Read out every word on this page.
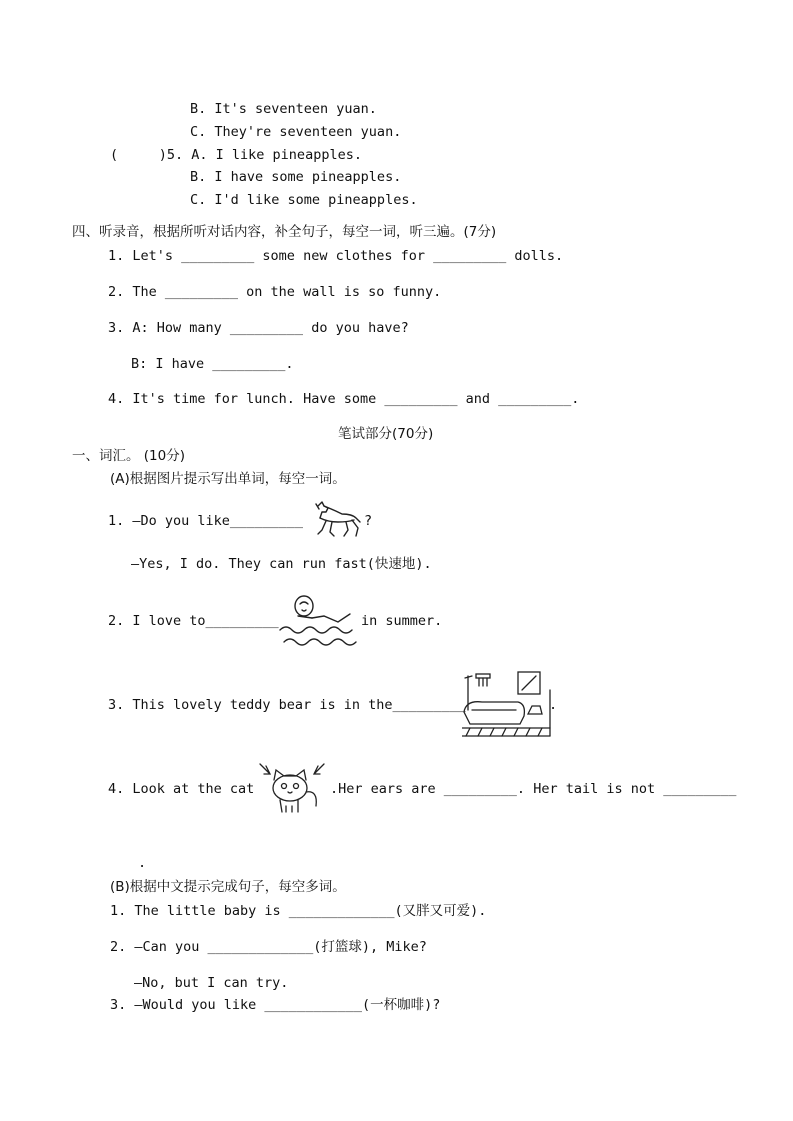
B. It's seventeen yuan.
C. They're seventeen yuan.
(     )5. A. I like pineapples.
B. I have some pineapples.
C. I'd like some pineapples.
四、听录音，根据所听对话内容，补全句子，每空一词，听三遍。(7分)
1. Let's _________ some new clothes for _________ dolls.
2. The _________ on the wall is so funny.
3. A: How many _________ do you have?
B: I have _________.
4. It's time for lunch. Have some _________ and _________.
笔试部分(70分)
一、词汇。 (10分)
(A)根据图片提示写出单词，每空一词。
1. —Do you like_________	?
—Yes, I do. They can run fast(快速地).
2. I love to_________	in summer.
3. This lovely teddy bear is in the_________	.
4. Look at the cat	.Her ears are _________. Her tail is not _________
.
(B)根据中文提示完成句子，每空多词。
1. The little baby is _____________(又胖又可爱).
2. —Can you _____________(打篮球), Mike?
—No, but I can try.
3. —Would you like ____________(一杯咖啡)?
